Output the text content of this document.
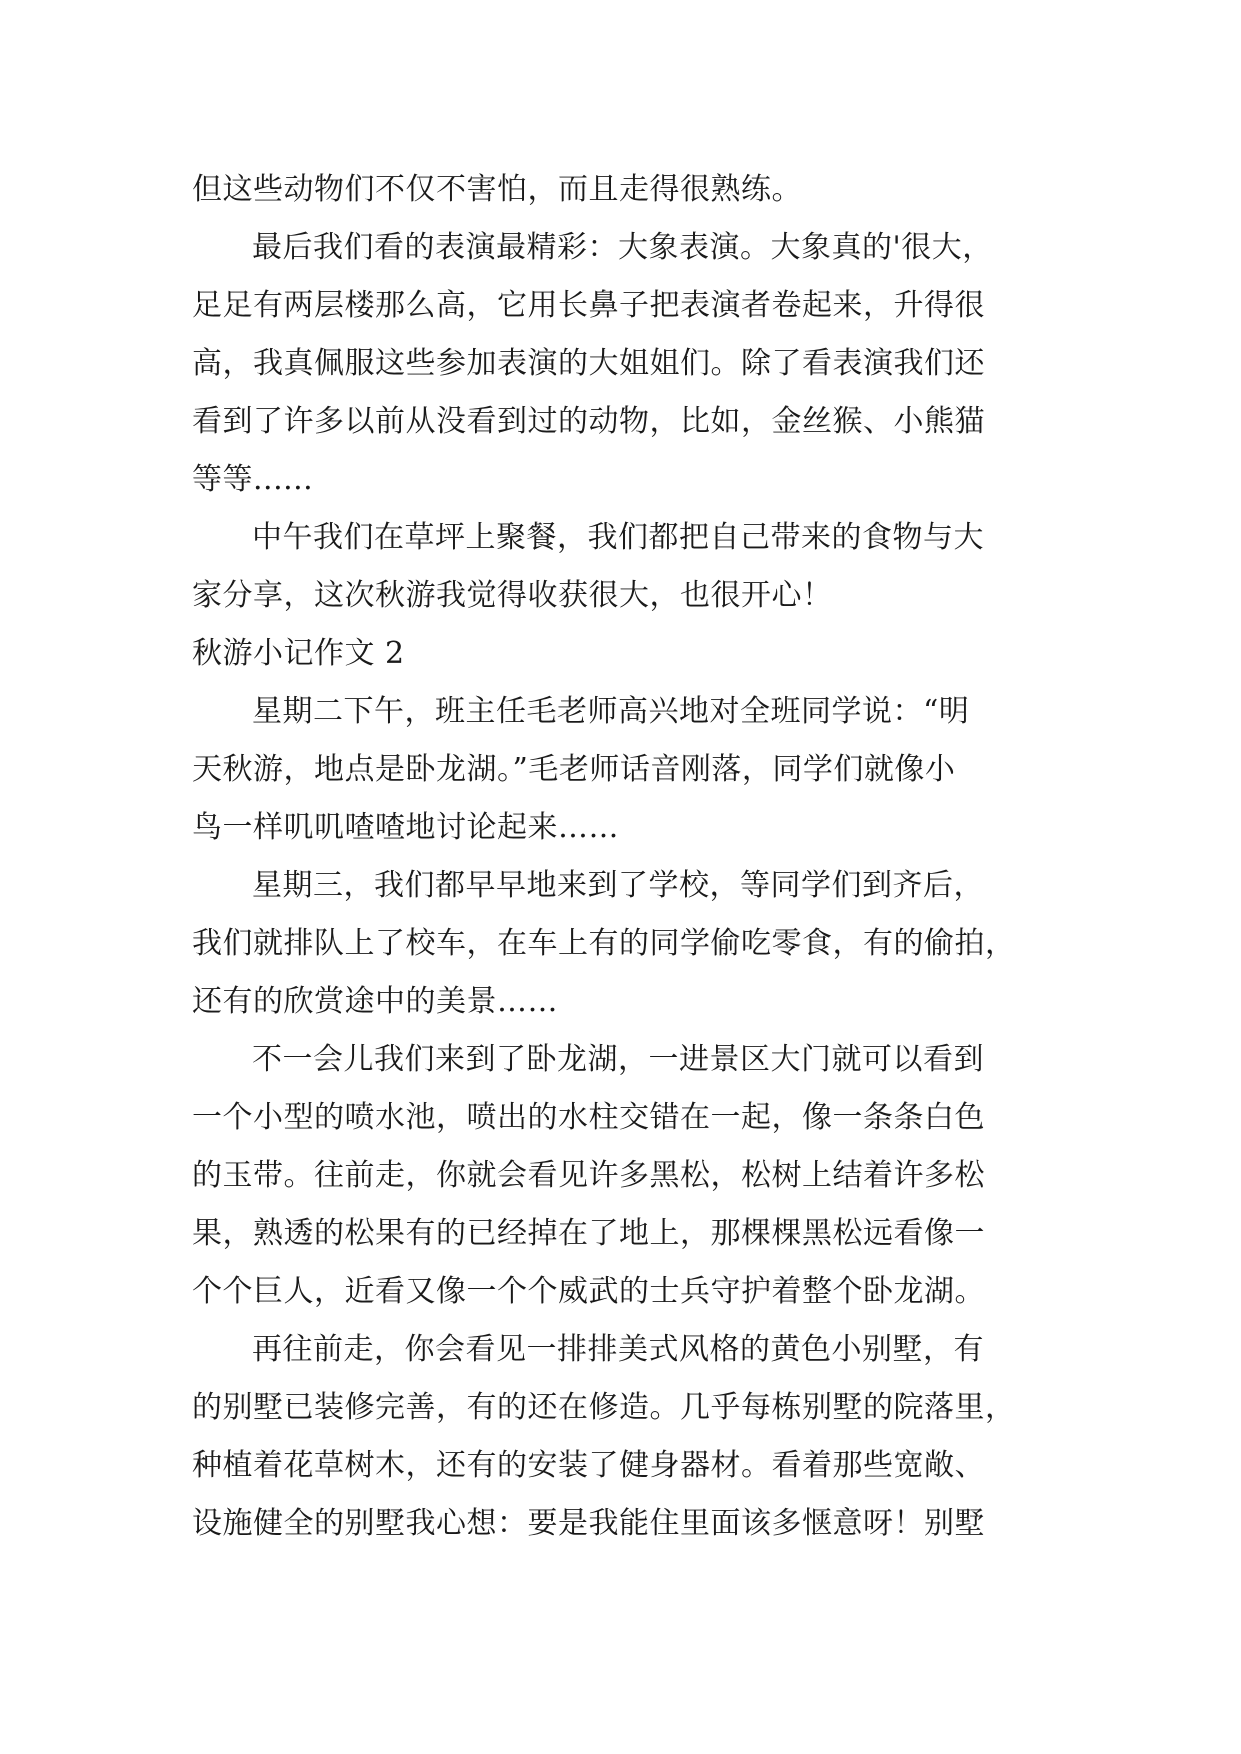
但这些动物们不仅不害怕，而且走得很熟练。
最后我们看的表演最精彩：大象表演。大象真的'很大，
足足有两层楼那么高，它用长鼻子把表演者卷起来，升得很
高，我真佩服这些参加表演的大姐姐们。除了看表演我们还
看到了许多以前从没看到过的动物，比如，金丝猴、小熊猫
等等......
中午我们在草坪上聚餐，我们都把自己带来的食物与大
家分享，这次秋游我觉得收获很大，也很开心！
秋游小记作文 2
星期二下午，班主任毛老师高兴地对全班同学说：“明
天秋游，地点是卧龙湖。”毛老师话音刚落，同学们就像小
鸟一样叽叽喳喳地讨论起来……
星期三，我们都早早地来到了学校，等同学们到齐后，
我们就排队上了校车，在车上有的同学偷吃零食，有的偷拍，
还有的欣赏途中的美景……
不一会儿我们来到了卧龙湖，一进景区大门就可以看到
一个小型的喷水池，喷出的水柱交错在一起，像一条条白色
的玉带。往前走，你就会看见许多黑松，松树上结着许多松
果，熟透的松果有的已经掉在了地上，那棵棵黑松远看像一
个个巨人，近看又像一个个威武的士兵守护着整个卧龙湖。
再往前走，你会看见一排排美式风格的黄色小别墅，有
的别墅已装修完善，有的还在修造。几乎每栋别墅的院落里，
种植着花草树木，还有的安装了健身器材。看着那些宽敞、
设施健全的别墅我心想：要是我能住里面该多惬意呀！别墅
